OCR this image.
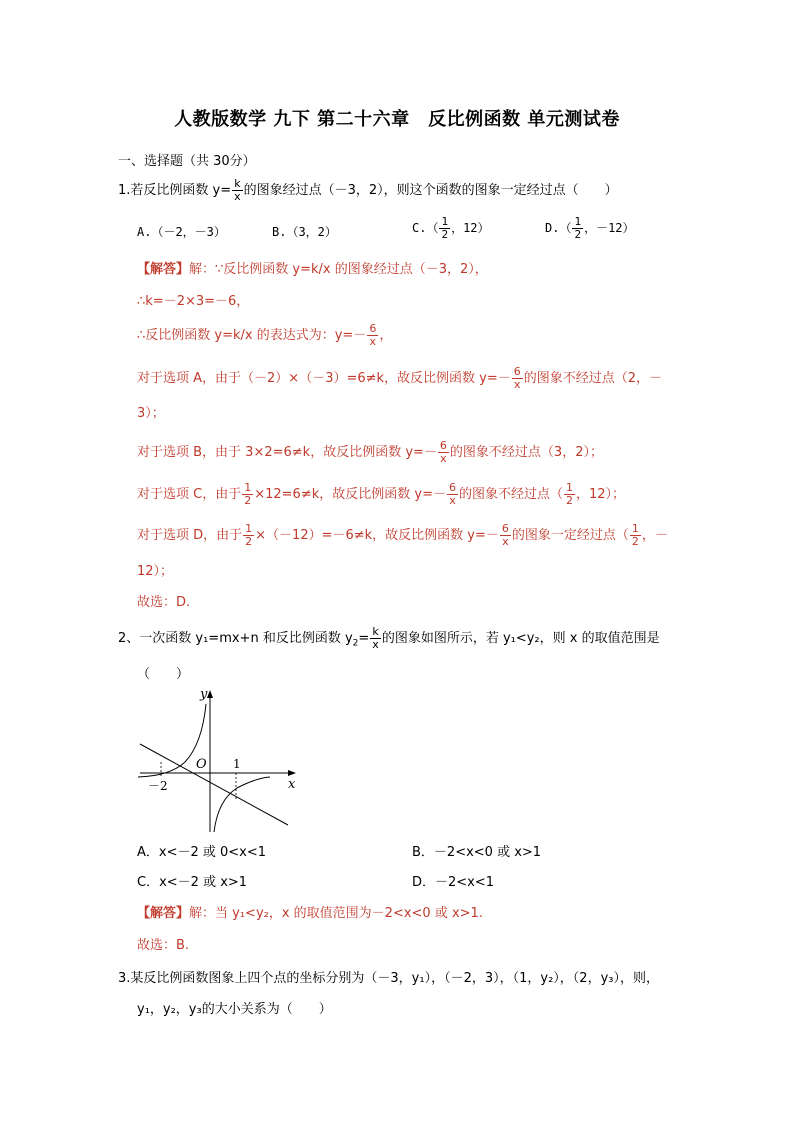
人教版数学 九下 第二十六章　反比例函数 单元测试卷
一、选择题（共 30分）
1.若反比例函数 $y= \frac{k}{x}$ 的图象经过点（－3，2），则这个函数的图象一定经过点（　　）
A.（－2，－3）	B.（3，2）	$C.( \frac{1}{2}$ ，12）	$D.( \frac{1}{2}$ ，－12）
【解答】解：∵反比例函数 y=k/x 的图象经过点（－3，2），
∴k=－2×3=－6，
∴反比例函数 y=k/x 的表达式为：$y=- \frac{6}{x}$ ，
对于选项 A，由于（－2）×（－3）=6≠k，故反比例函数 $y=- \frac{6}{x}$ 的图象不经过点（2，－
3）；
对于选项 B，由于 3×2=6≠k，故反比例函数 $y=- \frac{6}{x}$ 的图象不经过点（3，2）；
对于选项 C，由于 $\frac{1}{2} \times 12=6\ne k$，故反比例函数 $y=- \frac{6}{x}$ 的图象不经过点（ $\frac{1}{2}$ ，12）；
对于选项 D，由于 $\frac{1}{2} \times(-12)=-6\ne k$，故反比例函数 $y=- \frac{6}{x}$ 的图象一定经过点（ $\frac{1}{2}$ ，－
12）；
故选：D.
2、一次函数 y₁=mx+n 和反比例函数 $y_2= \frac{k}{x}$ 的图象如图所示，若 y₁<y₂，则 x 的取值范围是
（　　）
y
x
O 1
－2
A．x<－2 或 0<x<1	B．－2<x<0 或 x>1
C．x<－2 或 x>1	D．－2<x<1
【解答】解：当 y₁<y₂，x 的取值范围为－2<x<0 或 x>1.
故选：B.
3.某反比例函数图象上四个点的坐标分别为（－3，y₁），（－2，3），（1，y₂），（2，y₃），则，
y₁，y₂，y₃的大小关系为（　　）
